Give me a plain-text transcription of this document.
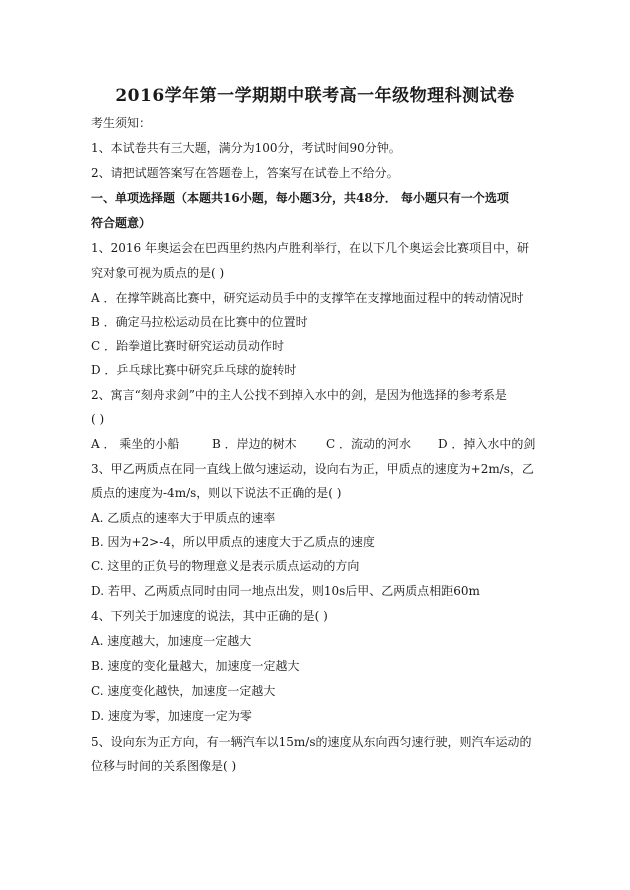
2016学年第一学期期中联考高一年级物理科测试卷
考生须知：
1、本试卷共有三大题，满分为100分，考试时间90分钟。
2、请把试题答案写在答题卷上，答案写在试卷上不给分。
一、单项选择题（本题共16小题，每小题3分，共48分． 每小题只有一个选项
符合题意）
1、2016 年奥运会在巴西里约热内卢胜利举行，在以下几个奥运会比赛项目中，研
究对象可视为质点的是( )
A ．在撑竿跳高比赛中，研究运动员手中的支撑竿在支撑地面过程中的转动情况时
B ．确定马拉松运动员在比赛中的位置时
C ．跆拳道比赛时研究运动员动作时
D ．乒乓球比赛中研究乒乓球的旋转时
2、寓言“刻舟求剑”中的主人公找不到掉入水中的剑，是因为他选择的参考系是
( )
A ． 乘坐的小船	B ．岸边的树木 C ．流动的河水 D ．掉入水中的剑
3、甲乙两质点在同一直线上做匀速运动，设向右为正，甲质点的速度为+2m/s，乙
质点的速度为-4m/s，则以下说法不正确的是( )
A. 乙质点的速率大于甲质点的速率
B. 因为+2>-4，所以甲质点的速度大于乙质点的速度
C. 这里的正负号的物理意义是表示质点运动的方向
D. 若甲、乙两质点同时由同一地点出发，则10s后甲、乙两质点相距60m
4、下列关于加速度的说法，其中正确的是( )
A. 速度越大，加速度一定越大
B. 速度的变化量越大，加速度一定越大
C. 速度变化越快，加速度一定越大
D. 速度为零，加速度一定为零
5、设向东为正方向，有一辆汽车以15m/s的速度从东向西匀速行驶，则汽车运动的
位移与时间的关系图像是( )
